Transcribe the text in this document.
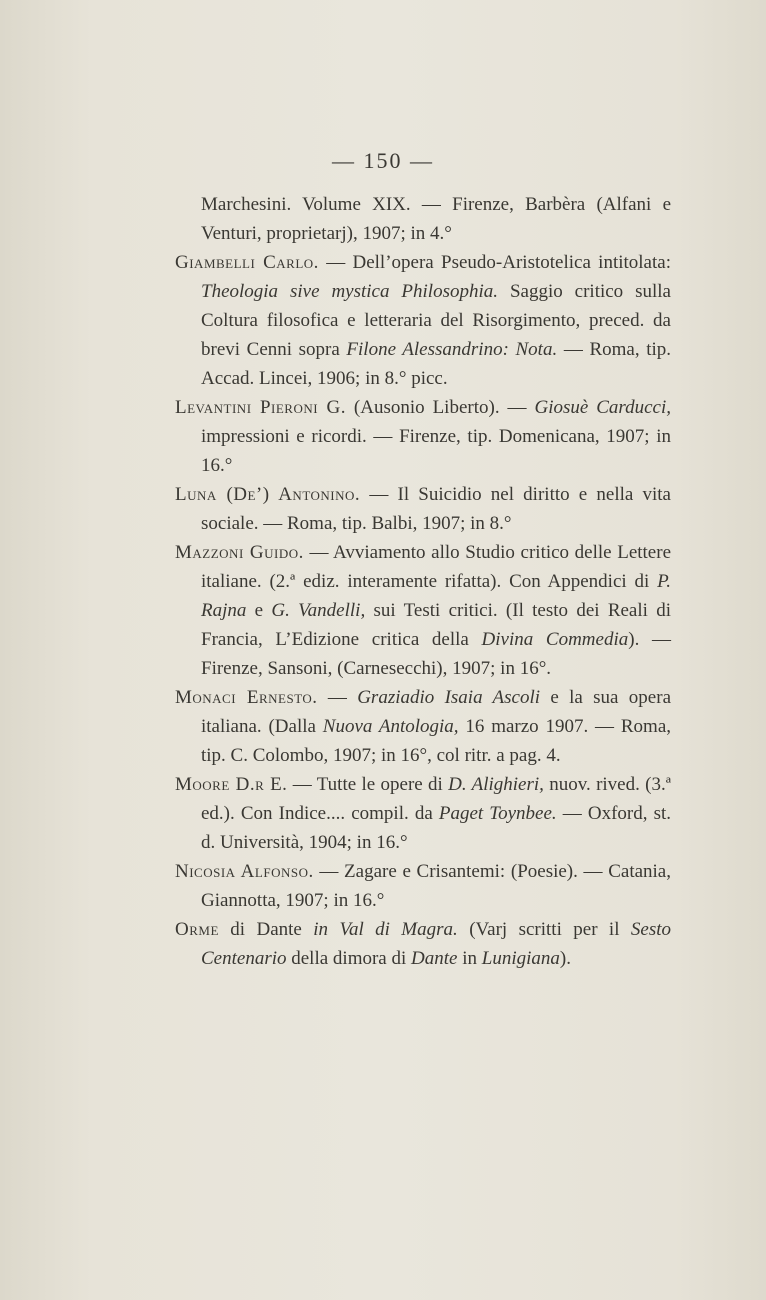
— 150 —

Marchesini. Volume XIX. — Firenze, Barbèra (Alfani e Venturi, proprietarj), 1907; in 4.°

Giambelli Carlo. — Dell’opera Pseudo-Aristotelica intitolata: Theologia sive mystica Philosophia. Saggio critico sulla Coltura filosofica e letteraria del Risorgimento, preced. da brevi Cenni sopra Filone Alessandrino: Nota. — Roma, tip. Accad. Lincei, 1906; in 8.° picc.

Levantini Pieroni G. (Ausonio Liberto). — Giosuè Carducci, impressioni e ricordi. — Firenze, tip. Domenicana, 1907; in 16.°

Luna (De’) Antonino. — Il Suicidio nel diritto e nella vita sociale. — Roma, tip. Balbi, 1907; in 8.°

Mazzoni Guido. — Avviamento allo Studio critico delle Lettere italiane. (2.ª ediz. interamente rifatta). Con Appendici di P. Rajna e G. Vandelli, sui Testi critici. (Il testo dei Reali di Francia, L’Edizione critica della Divina Commedia). — Firenze, Sansoni, (Carnesecchi), 1907; in 16°.

Monaci Ernesto. — Graziadio Isaia Ascoli e la sua opera italiana. (Dalla Nuova Antologia, 16 marzo 1907. — Roma, tip. C. Colombo, 1907; in 16°, col ritr. a pag. 4.

Moore D.r E. — Tutte le opere di D. Alighieri, nuov. rived. (3.ª ed.). Con Indice.... compil. da Paget Toynbee. — Oxford, st. d. Università, 1904; in 16.°

Nicosia Alfonso. — Zagare e Crisantemi: (Poesie). — Catania, Giannotta, 1907; in 16.°

Orme di Dante in Val di Magra. (Varj scritti per il Sesto Centenario della dimora di Dante in Lunigiana).
